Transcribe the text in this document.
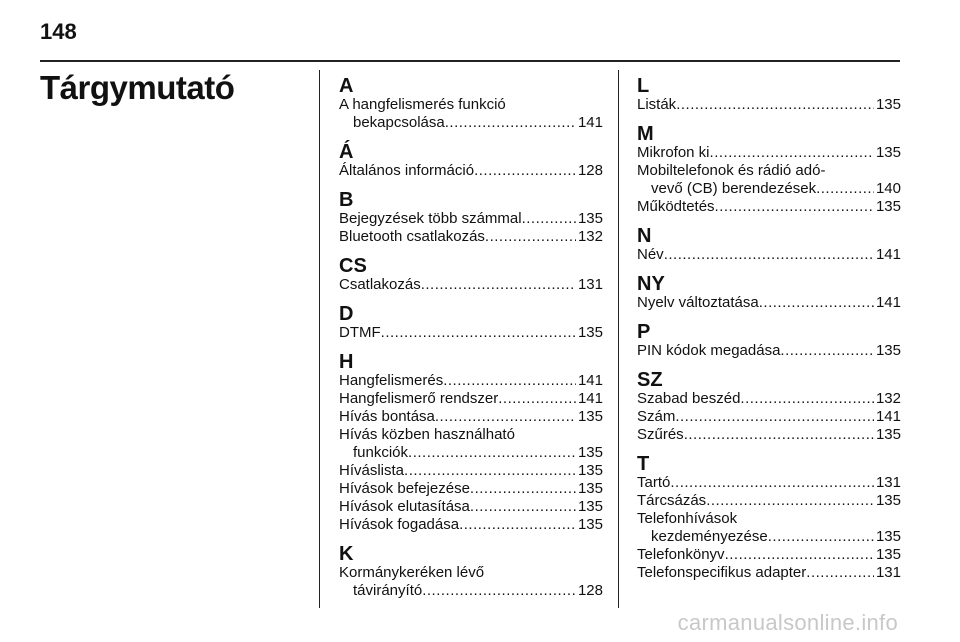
148
Tárgymutató	A
A hangfelismerés funkció
bekapcsolása .....	141
Á
Általános információ .....	128
B
Bejegyzések több számmal .....	135
Bluetooth csatlakozás .....	132
CS
Csatlakozás .....	131
D
DTMF .....	135
H
Hangfelismerés .....	141
Hangfelismerő rendszer .....	141
Hívás bontása .....	135
Hívás közben használható
funkciók .....	135
Híváslista .....	135
Hívások befejezése .....	135
Hívások elutasítása .....	135
Hívások fogadása .....	135
K
Kormánykeréken lévő
távirányító .....	128
L
Listák .....	135
M
Mikrofon ki .....	135
Mobiltelefonok és rádió adó-
vevő (CB) berendezések .....	140
Működtetés .....	135
N
Név .....	141
NY
Nyelv változtatása .....	141
P
PIN kódok megadása .....	135
SZ
Szabad beszéd .....	132
Szám .....	141
Szűrés .....	135
T
Tartó .....	131
Tárcsázás .....	135
Telefonhívások
kezdeményezése .....	135
Telefonkönyv .....	135
Telefonspecifikus adapter .....	131
carmanualsonline.info
